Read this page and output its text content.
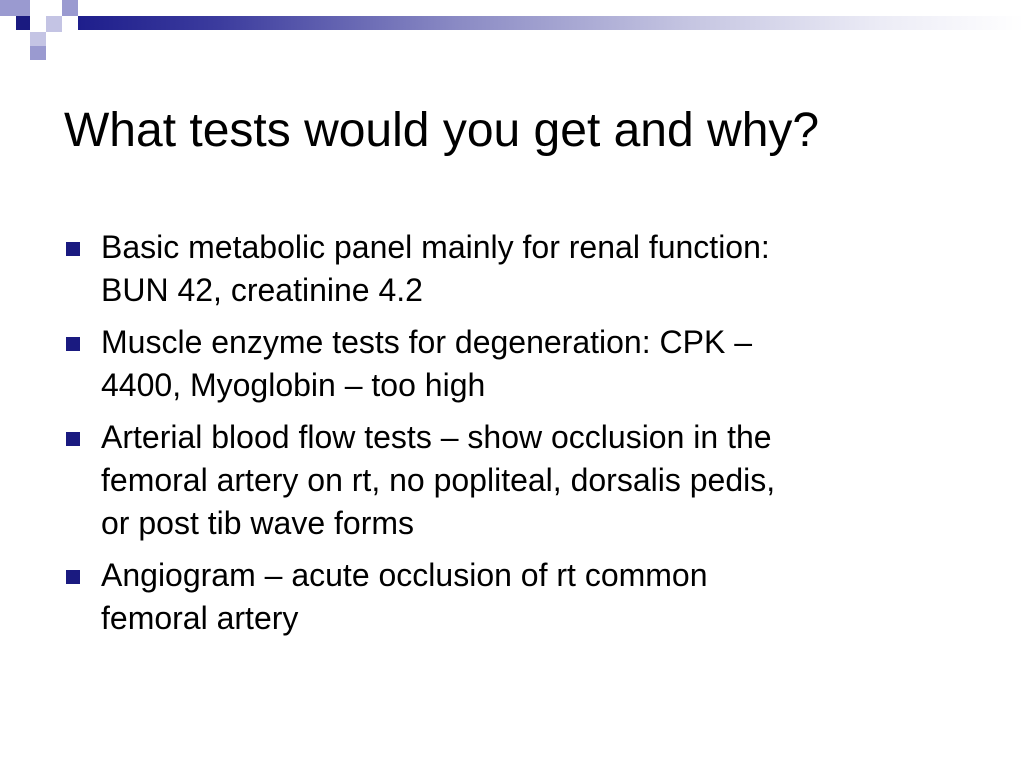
What tests would you get and why?
Basic metabolic panel mainly for renal function:
BUN 42, creatinine 4.2
Muscle enzyme tests for degeneration: CPK –
4400, Myoglobin – too high
Arterial blood flow tests – show occlusion in the
femoral artery on rt, no popliteal, dorsalis pedis,
or post tib wave forms
Angiogram – acute occlusion of rt common
femoral artery
